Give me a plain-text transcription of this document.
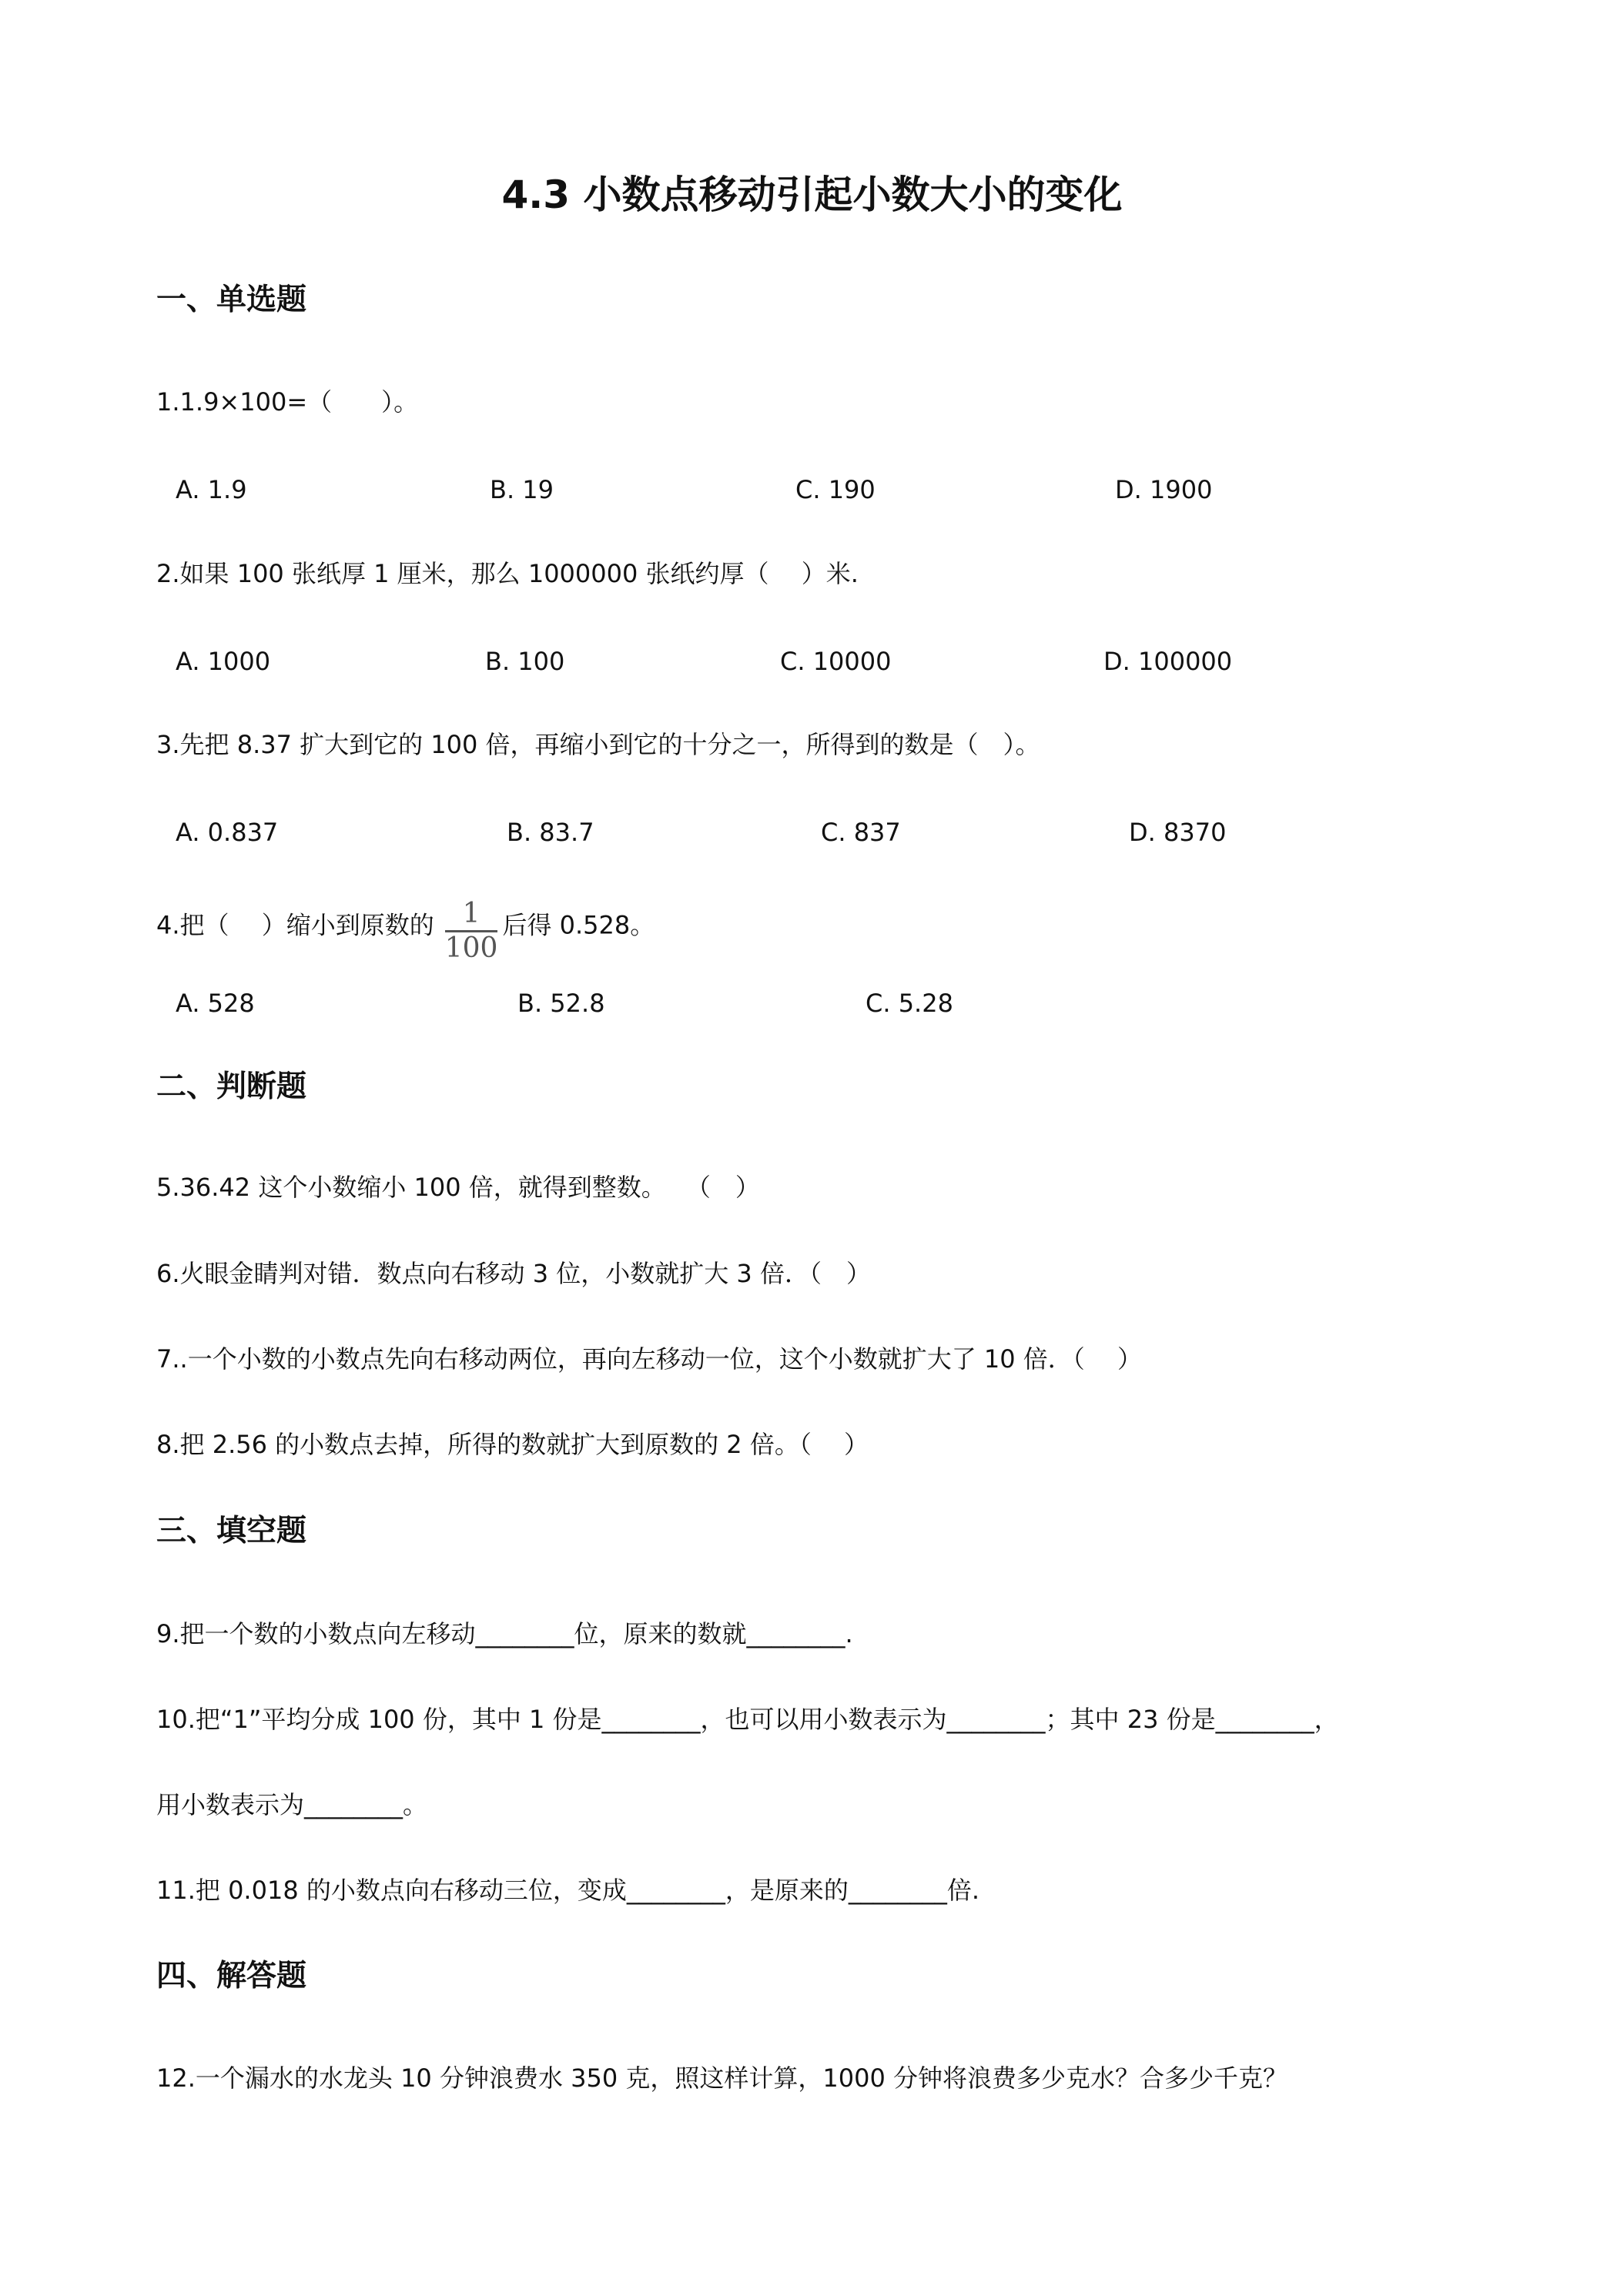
4.3 小数点移动引起小数大小的变化
一、单选题
1.1.9×100=（　　）。
A. 1.9	B. 19	C. 190	D. 1900
2.如果 100 张纸厚 1 厘米，那么 1000000 张纸约厚（　 ）米.
A. 1000	B. 100	C. 10000	D. 100000
3.先把 8.37 扩大到它的 100 倍，再缩小到它的十分之一，所得到的数是（　）。
A. 0.837	B. 83.7	C. 837	D. 8370
4.把（　 ）缩小到原数的 $\frac{1}{100}$ 后得 0.528。
A. 528	B. 52.8	C. 5.28
二、判断题
5.36.42 这个小数缩小 100 倍，就得到整数。　 （　）
6.火眼金睛判对错．数点向右移动 3 位，小数就扩大 3 倍．（　）
7..一个小数的小数点先向右移动两位，再向左移动一位，这个小数就扩大了 10 倍．（　 ）
8.把 2.56 的小数点去掉，所得的数就扩大到原数的 2 倍。（　 ）
三、填空题
9.把一个数的小数点向左移动________位，原来的数就________.
10.把“1”平均分成 100 份，其中 1 份是________，也可以用小数表示为________；其中 23 份是________，
用小数表示为________。
11.把 0.018 的小数点向右移动三位，变成________，是原来的________倍.
四、解答题
12.一个漏水的水龙头 10 分钟浪费水 350 克，照这样计算，1000 分钟将浪费多少克水？合多少千克？
